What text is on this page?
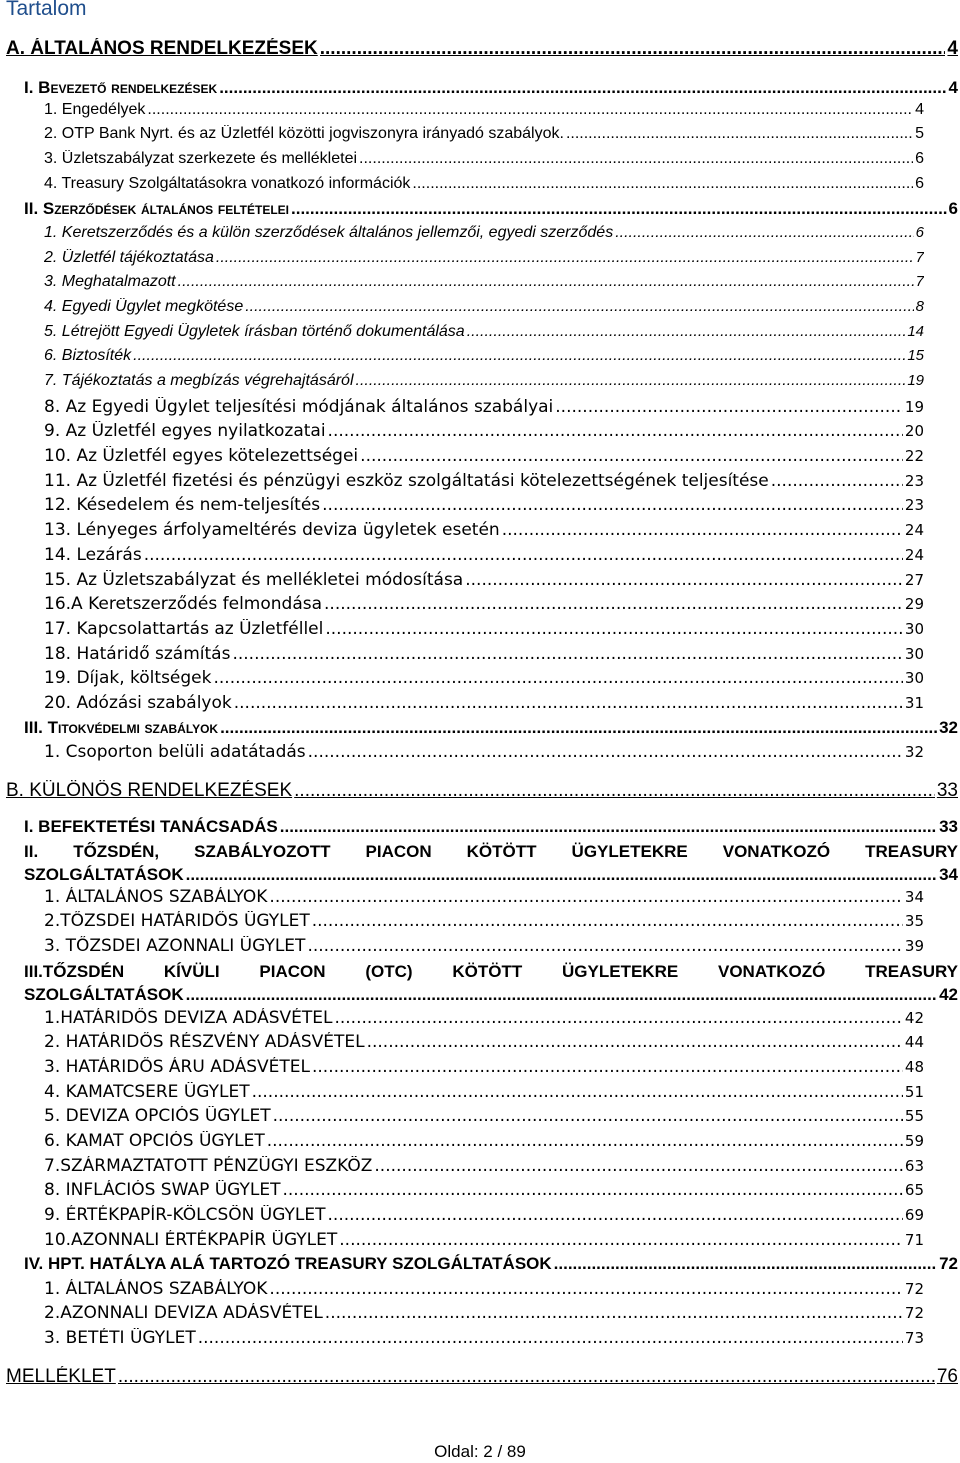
Tartalom
A. ÁLTALÁNOS RENDELKEZÉSEK .....	4
I. Bevezető rendelkezések .....	4
1. Engedélyek .....	4
2. OTP Bank Nyrt. és az Üzletfél közötti jogviszonyra irányadó szabályok. .....	5
3. Üzletszabályzat szerkezete és mellékletei .....	6
4. Treasury Szolgáltatásokra vonatkozó információk .....	6
II. Szerződések általános feltételei .....	6
1. Keretszerződés és a külön szerződések általános jellemzői, egyedi szerződés .....	6
2. Üzletfél tájékoztatása .....	7
3. Meghatalmazott .....	7
4. Egyedi Ügylet megkötése .....	8
5. Létrejött Egyedi Ügyletek írásban történő dokumentálása .....	14
6. Biztosíték .....	15
7. Tájékoztatás a megbízás végrehajtásáról .....	19
8. Az Egyedi Ügylet teljesítési módjának általános szabályai .....	19
9. Az Üzletfél egyes nyilatkozatai .....	20
10. Az Üzletfél egyes kötelezettségei .....	22
11. Az Üzletfél fizetési és pénzügyi eszköz szolgáltatási kötelezettségének teljesítése .....	23
12. Késedelem és nem-teljesítés .....	23
13. Lényeges árfolyameltérés deviza ügyletek esetén .....	24
14. Lezárás .....	24
15. Az Üzletszabályzat és mellékletei módosítása .....	27
16.A Keretszerződés felmondása .....	29
17. Kapcsolattartás az Üzletféllel .....	30
18. Határidő számítás .....	30
19. Díjak, költségek .....	30
20. Adózási szabályok .....	31
III. Titokvédelmi szabályok .....	32
1. Csoporton belüli adatátadás .....	32
B. KÜLÖNÖS RENDELKEZÉSEK .....	33
I. BEFEKTETÉSI TANÁCSADÁS .....	33
II. TŐZSDÉN, SZABÁLYOZOTT PIACON KÖTÖTT ÜGYLETEKRE VONATKOZÓ TREASURY
SZOLGÁLTATÁSOK .....	34
1. ÁLTALÁNOS SZABÁLYOK .....	34
2.TŐZSDEI HATÁRIDŐS ÜGYLET .....	35
3. TŐZSDEI AZONNALI ÜGYLET .....	39
III.TŐZSDÉN KÍVÜLI PIACON (OTC) KÖTÖTT ÜGYLETEKRE VONATKOZÓ TREASURY
SZOLGÁLTATÁSOK .....	42
1.HATÁRIDŐS DEVIZA ADÁSVÉTEL .....	42
2. HATÁRIDŐS RÉSZVÉNY ADÁSVÉTEL .....	44
3. HATÁRIDŐS ÁRU ADÁSVÉTEL .....	48
4. KAMATCSERE ÜGYLET .....	51
5. DEVIZA OPCIÓS ÜGYLET .....	55
6. KAMAT OPCIÓS ÜGYLET .....	59
7.SZÁRMAZTATOTT PÉNZÜGYI ESZKÖZ .....	63
8. INFLÁCIÓS SWAP ÜGYLET .....	65
9. ÉRTÉKPAPÍR-KÖLCSÖN ÜGYLET .....	69
10.AZONNALI ÉRTÉKPAPÍR ÜGYLET .....	71
IV. HPT. HATÁLYA ALÁ TARTOZÓ TREASURY SZOLGÁLTATÁSOK .....	72
1. ÁLTALÁNOS SZABÁLYOK .....	72
2.AZONNALI DEVIZA ADÁSVÉTEL .....	72
3. BETÉTI ÜGYLET .....	73
MELLÉKLET .....	76
Oldal: 2 / 89
